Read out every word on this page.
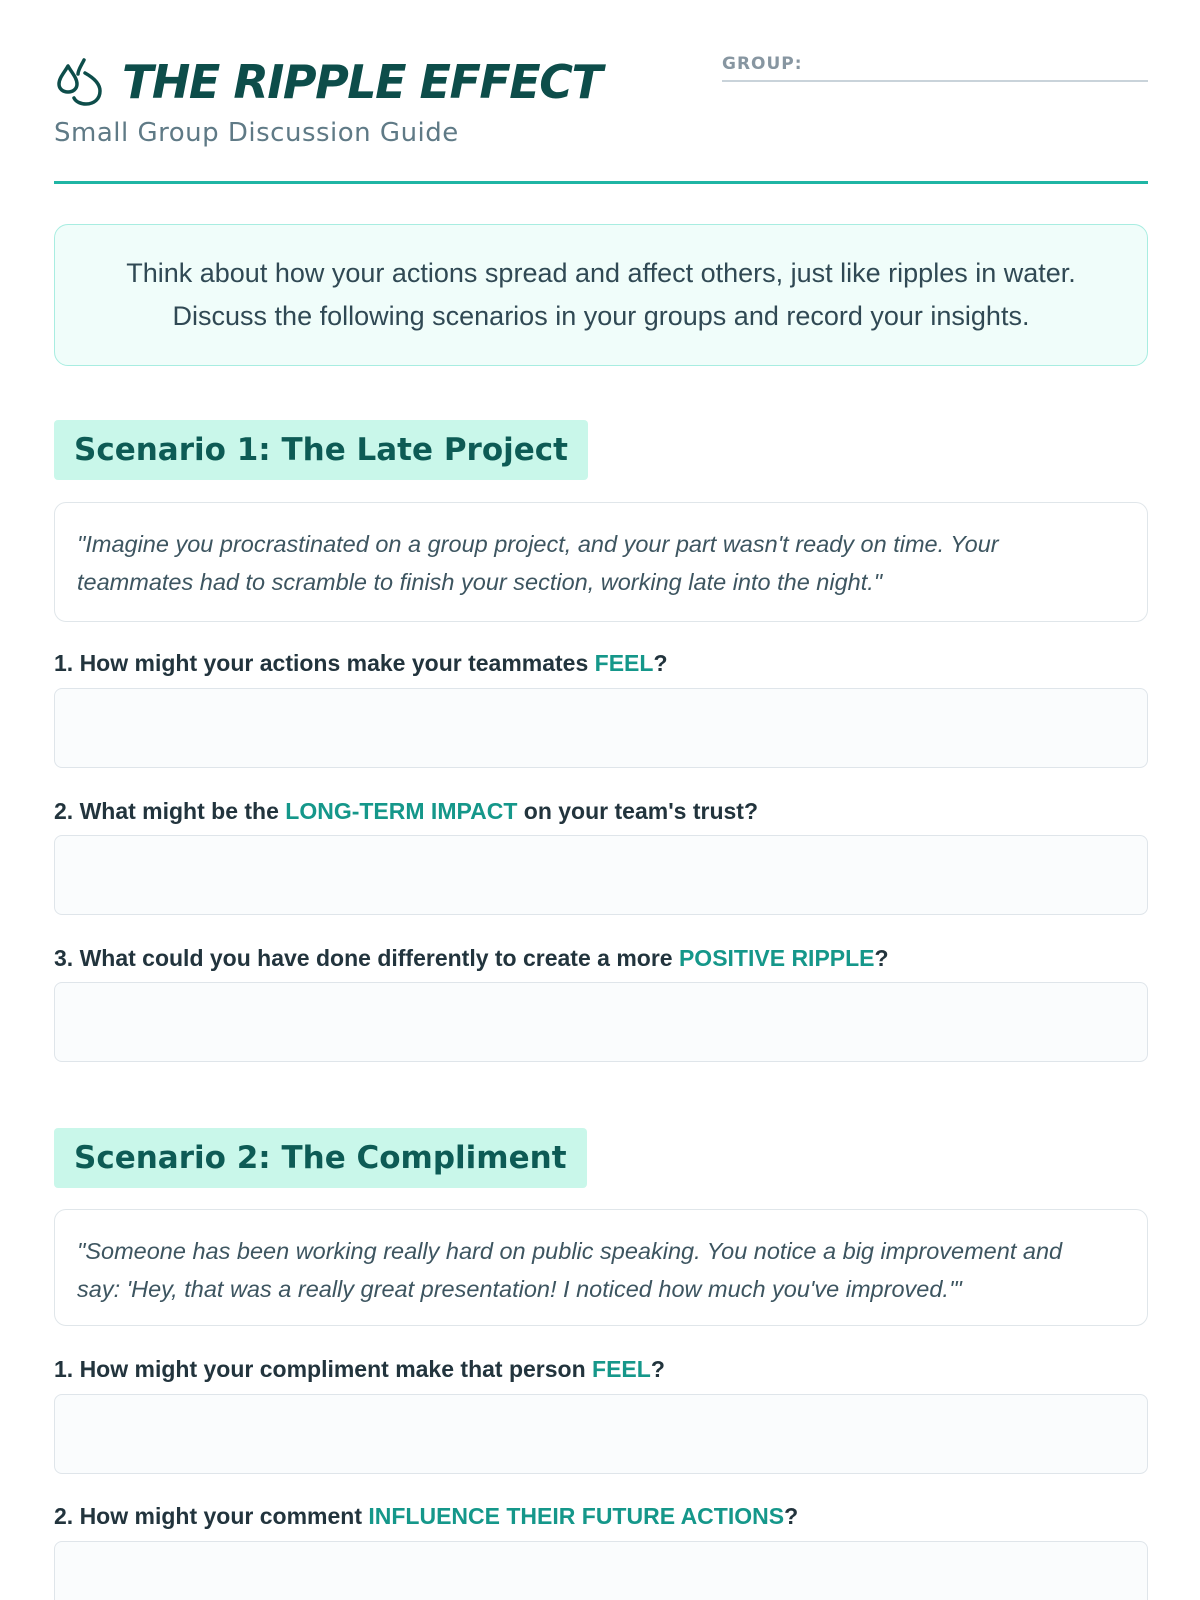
THE RIPPLE EFFECT
Small Group Discussion Guide
GROUP:
Think about how your actions spread and affect others, just like ripples in water.
Discuss the following scenarios in your groups and record your insights.
Scenario 1: The Late Project
"Imagine you procrastinated on a group project, and your part wasn't ready on time. Your
teammates had to scramble to finish your section, working late into the night."
1. How might your actions make your teammates FEEL?
2. What might be the LONG-TERM IMPACT on your team's trust?
3. What could you have done differently to create a more POSITIVE RIPPLE?
Scenario 2: The Compliment
"Someone has been working really hard on public speaking. You notice a big improvement and
say: 'Hey, that was a really great presentation! I noticed how much you've improved.'"
1. How might your compliment make that person FEEL?
2. How might your comment INFLUENCE THEIR FUTURE ACTIONS?
